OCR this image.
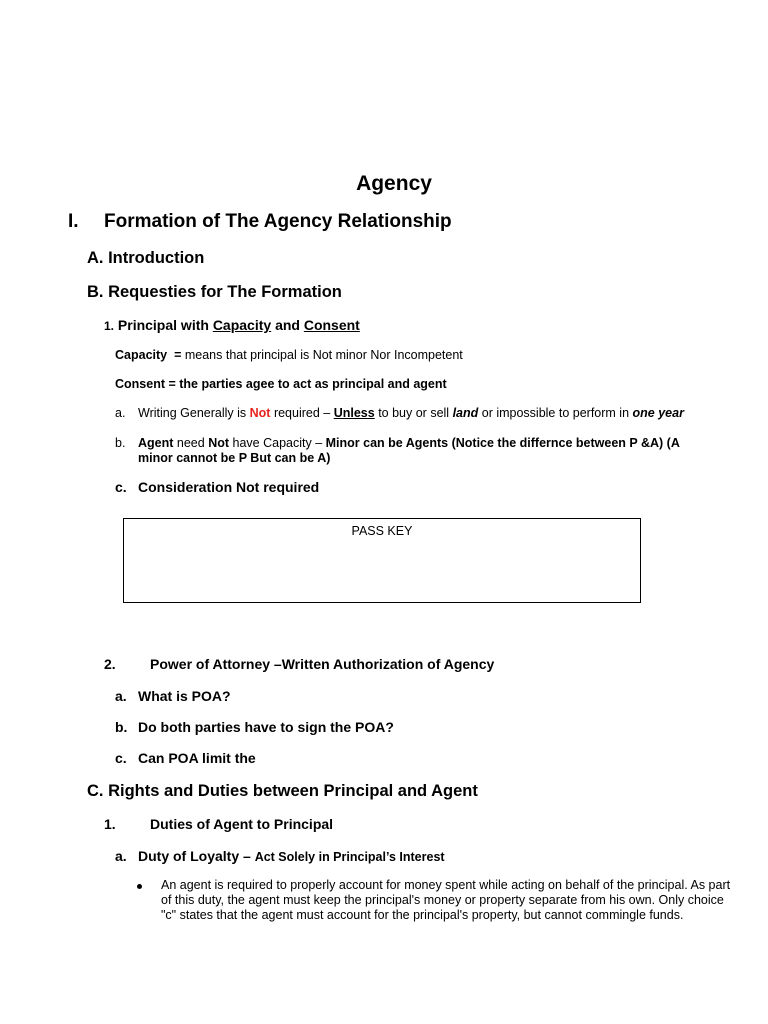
Agency
I. Formation of The Agency Relationship
A. Introduction
B. Requesties for The Formation
1. Principal with Capacity and Consent
Capacity = means that principal is Not minor Nor Incompetent
Consent = the parties agee to act as principal and agent
a. Writing Generally is Not required – Unless to buy or sell land or impossible to perform in one year
b. Agent need Not have Capacity – Minor can be Agents (Notice the differnce between P &A) (A
minor cannot be P But can be A)
c. Consideration Not required
PASS KEY
2. Power of Attorney –Written Authorization of Agency
a. What is POA?
b. Do both parties have to sign the POA?
c. Can POA limit the
C. Rights and Duties between Principal and Agent
1. Duties of Agent to Principal
a. Duty of Loyalty – Act Solely in Principal’s Interest
An agent is required to properly account for money spent while acting on behalf of the principal. As part of this duty, the agent must keep the principal's money or property separate from his own. Only choice "c" states that the agent must account for the principal's property, but cannot commingle funds.
